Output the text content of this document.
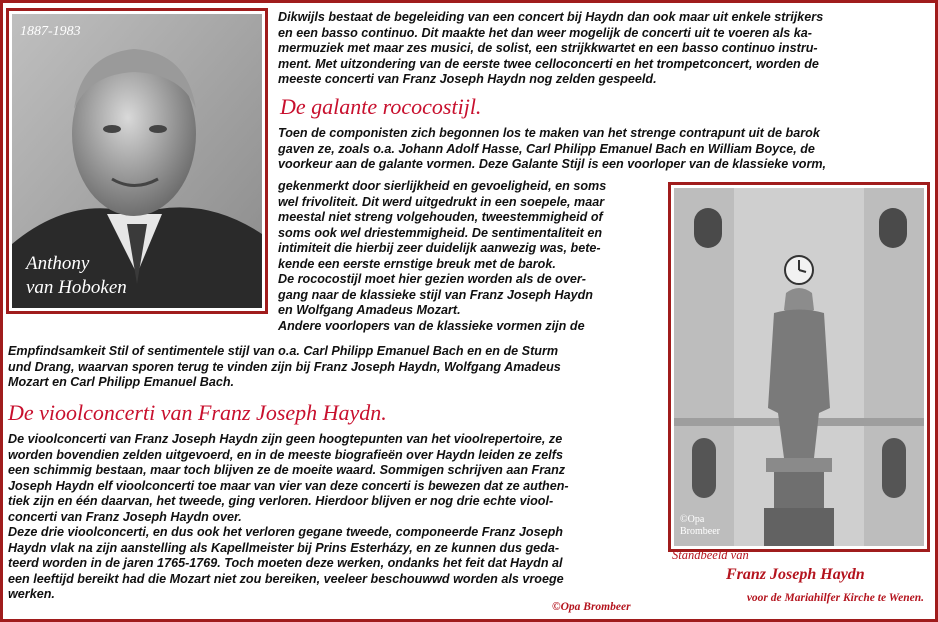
1887-1983
Anthony
van Hoboken
Dikwijls bestaat de begeleiding van een concert bij Haydn dan ook maar uit enkele strijkers
en een basso continuo. Dit maakte het dan weer mogelijk de concerti uit te voeren als ka-
mermuziek met maar zes musici, de solist, een strijkkwartet en een basso continuo instru-
ment. Met uitzondering van de eerste twee celloconcerti en het trompetconcert, worden de
meeste concerti van Franz Joseph Haydn nog zelden gespeeld.
De galante rococostijl.
Toen de componisten zich begonnen los te maken van het strenge contrapunt uit de barok
gaven ze, zoals o.a. Johann Adolf Hasse, Carl Philipp Emanuel Bach en William Boyce, de
voorkeur aan de galante vormen. Deze Galante Stijl is een voorloper van de klassieke vorm,
gekenmerkt door sierlijkheid en gevoeligheid, en soms
wel frivoliteit. Dit werd uitgedrukt in een soepele, maar
meestal niet streng volgehouden, tweestemmigheid of
soms ook wel driestemmigheid. De sentimentaliteit en
intimiteit die hierbij zeer duidelijk aanwezig was, bete-
kende een eerste ernstige breuk met de barok.
De rococostijl moet hier gezien worden als de over-
gang naar de klassieke stijl van Franz Joseph Haydn
en Wolfgang Amadeus Mozart.
Andere voorlopers van de klassieke vormen zijn de
Empfindsamkeit Stil of sentimentele stijl van o.a. Carl Philipp Emanuel Bach en en de Sturm
und Drang, waarvan sporen terug te vinden zijn bij Franz Joseph Haydn, Wolfgang Amadeus
Mozart en Carl Philipp Emanuel Bach.
De vioolconcerti van Franz Joseph Haydn.
De vioolconcerti van Franz Joseph Haydn zijn geen hoogtepunten van het vioolrepertoire, ze
worden bovendien zelden uitgevoerd, en in de meeste biografieën over Haydn leiden ze zelfs
een schimmig bestaan, maar toch blijven ze de moeite waard. Sommigen schrijven aan Franz
Joseph Haydn elf vioolconcerti toe maar van vier van deze concerti is bewezen dat ze authen-
tiek zijn en één daarvan, het tweede, ging verloren. Hierdoor blijven er nog drie echte viool-
concerti van Franz Joseph Haydn over.
Deze drie vioolconcerti, en dus ook het verloren gegane tweede, componeerde Franz Joseph
Haydn vlak na zijn aanstelling als Kapellmeister bij Prins Esterházy, en ze kunnen dus geda-
teerd worden in de jaren 1765-1769. Toch moeten deze werken, ondanks het feit dat Haydn al
een leeftijd bereikt had die Mozart niet zou bereiken, veeleer beschouwwd worden als vroege
werken.
©Opa
Brombeer
Standbeeld van
Franz Joseph Haydn
voor de Mariahilfer Kirche te Wenen.
©Opa Brombeer
